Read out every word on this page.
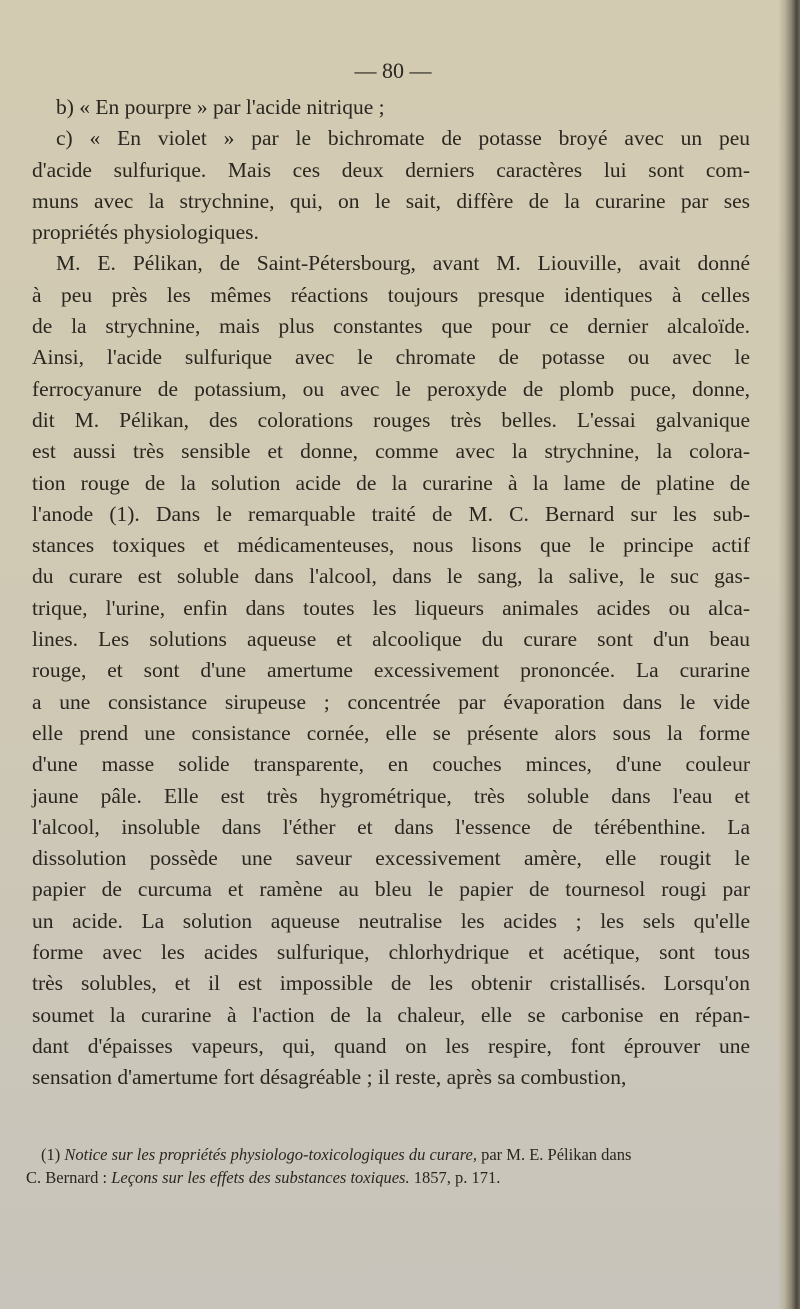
— 80 —
b) « En pourpre » par l'acide nitrique ;
c) « En violet » par le bichromate de potasse broyé avec un peu
d'acide sulfurique. Mais ces deux derniers caractères lui sont com-
muns avec la strychnine, qui, on le sait, diffère de la curarine par ses
propriétés physiologiques.
M. E. Pélikan, de Saint-Pétersbourg, avant M. Liouville, avait donné
à peu près les mêmes réactions toujours presque identiques à celles
de la strychnine, mais plus constantes que pour ce dernier alcaloïde.
Ainsi, l'acide sulfurique avec le chromate de potasse ou avec le
ferrocyanure de potassium, ou avec le peroxyde de plomb puce, donne,
dit M. Pélikan, des colorations rouges très belles. L'essai galvanique
est aussi très sensible et donne, comme avec la strychnine, la colora-
tion rouge de la solution acide de la curarine à la lame de platine de
l'anode (1). Dans le remarquable traité de M. C. Bernard sur les sub-
stances toxiques et médicamenteuses, nous lisons que le principe actif
du curare est soluble dans l'alcool, dans le sang, la salive, le suc gas-
trique, l'urine, enfin dans toutes les liqueurs animales acides ou alca-
lines. Les solutions aqueuse et alcoolique du curare sont d'un beau
rouge, et sont d'une amertume excessivement prononcée. La curarine
a une consistance sirupeuse ; concentrée par évaporation dans le vide
elle prend une consistance cornée, elle se présente alors sous la forme
d'une masse solide transparente, en couches minces, d'une couleur
jaune pâle. Elle est très hygrométrique, très soluble dans l'eau et
l'alcool, insoluble dans l'éther et dans l'essence de térébenthine. La
dissolution possède une saveur excessivement amère, elle rougit le
papier de curcuma et ramène au bleu le papier de tournesol rougi par
un acide. La solution aqueuse neutralise les acides ; les sels qu'elle
forme avec les acides sulfurique, chlorhydrique et acétique, sont tous
très solubles, et il est impossible de les obtenir cristallisés. Lorsqu'on
soumet la curarine à l'action de la chaleur, elle se carbonise en répan-
dant d'épaisses vapeurs, qui, quand on les respire, font éprouver une
sensation d'amertume fort désagréable ; il reste, après sa combustion,
(1) Notice sur les propriétés physiologo-toxicologiques du curare, par M. E. Pélikan dans
C. Bernard : Leçons sur les effets des substances toxiques. 1857, p. 171.
